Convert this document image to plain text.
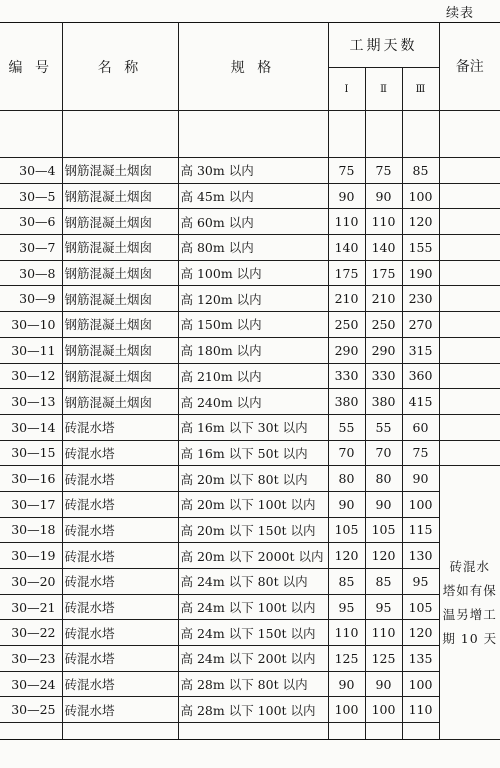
续表
编 号	名 称	规 格	工期天数			备注
			Ⅰ	Ⅱ	Ⅲ	

30—4	钢筋混凝土烟囱	高 30m 以内	75	75	85	
30—5	钢筋混凝土烟囱	高 45m 以内	90	90	100	
30—6	钢筋混凝土烟囱	高 60m 以内	110	110	120	
30—7	钢筋混凝土烟囱	高 80m 以内	140	140	155	
30—8	钢筋混凝土烟囱	高 100m 以内	175	175	190	
30—9	钢筋混凝土烟囱	高 120m 以内	210	210	230	
30—10	钢筋混凝土烟囱	高 150m 以内	250	250	270	
30—11	钢筋混凝土烟囱	高 180m 以内	290	290	315	
30—12	钢筋混凝土烟囱	高 210m 以内	330	330	360	
30—13	钢筋混凝土烟囱	高 240m 以内	380	380	415	
30—14	砖混水塔	高 16m 以下 30t 以内	55	55	60	
30—15	砖混水塔	高 16m 以下 50t 以内	70	70	75	
30—16	砖混水塔	高 20m 以下 80t 以内	80	80	90	砖混水
塔如有保
温另增工
期 10 天

30—17	砖混水塔	高 20m 以下 100t 以内	90	90	100	
30—18	砖混水塔	高 20m 以下 150t 以内	105	105	115	
30—19	砖混水塔	高 20m 以下 2000t 以内	120	120	130	
30—20	砖混水塔	高 24m 以下 80t 以内	85	85	95	
30—21	砖混水塔	高 24m 以下 100t 以内	95	95	105	
30—22	砖混水塔	高 24m 以下 150t 以内	110	110	120	
30—23	砖混水塔	高 24m 以下 200t 以内	125	125	135	
30—24	砖混水塔	高 28m 以下 80t 以内	90	90	100	
30—25	砖混水塔	高 28m 以下 100t 以内	100	100	110	
